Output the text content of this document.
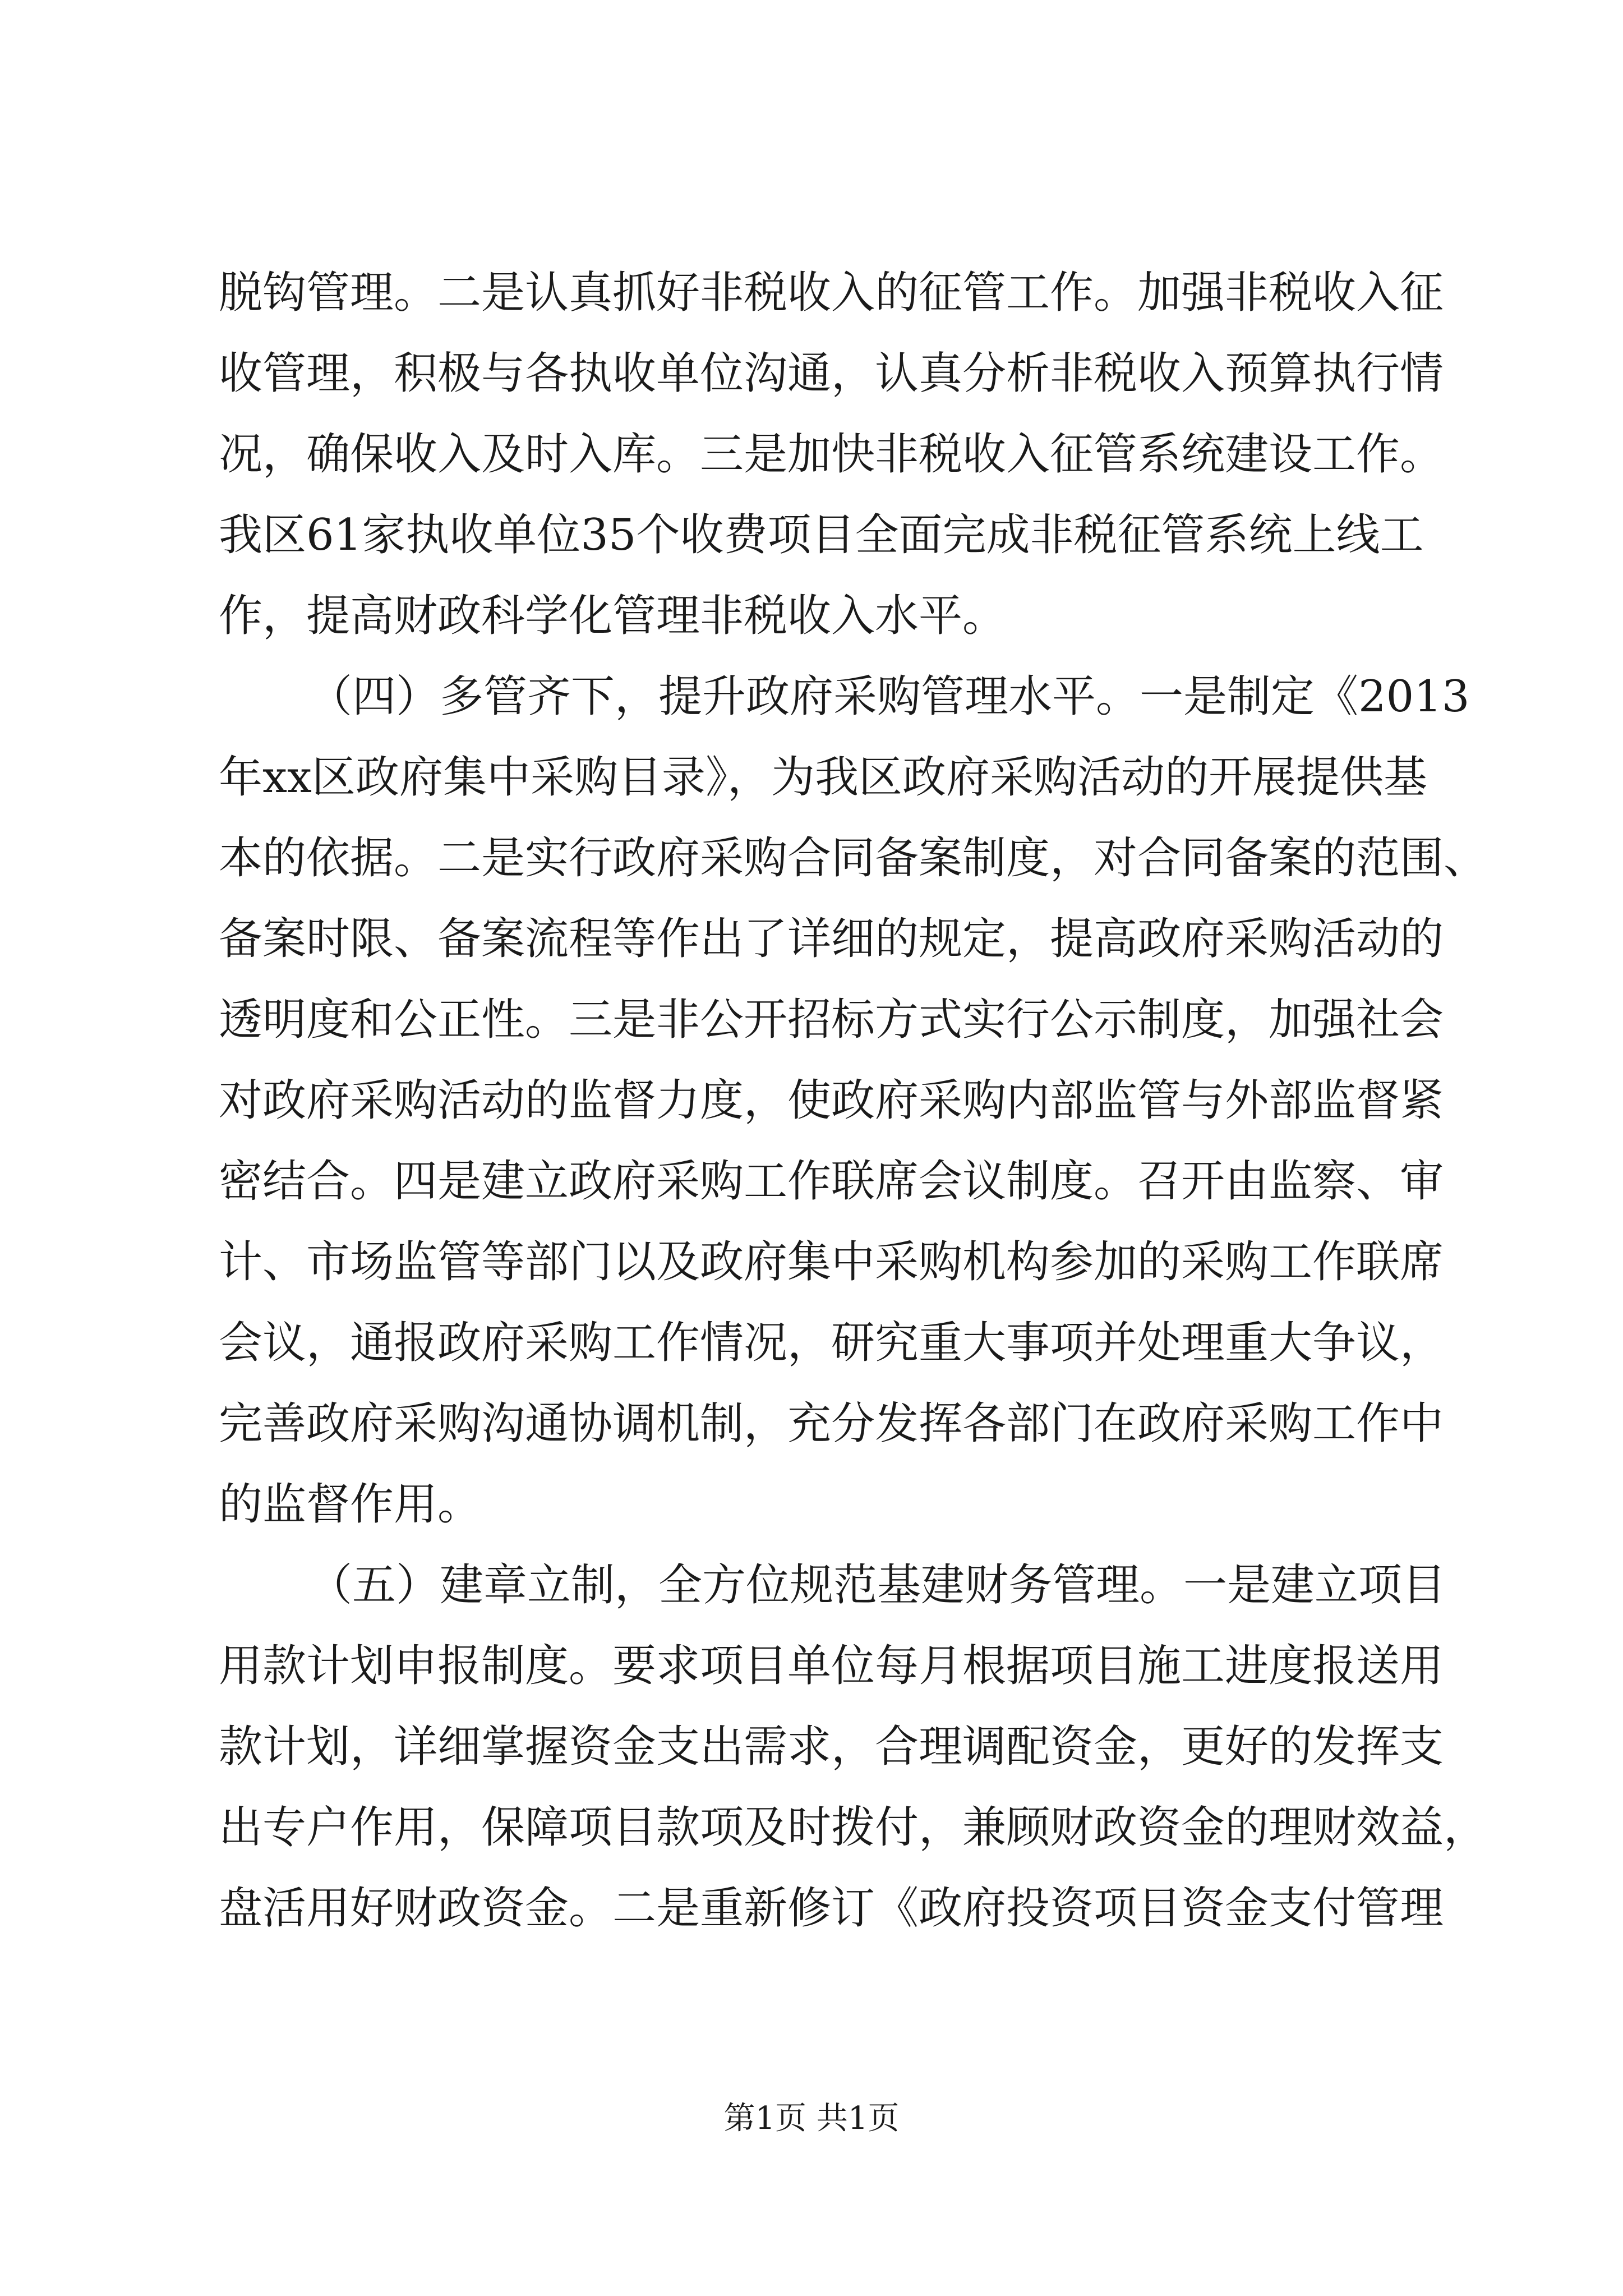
脱钩管理。二是认真抓好非税收入的征管工作。加强非税收入征
收管理，积极与各执收单位沟通，认真分析非税收入预算执行情
况，确保收入及时入库。三是加快非税收入征管系统建设工作。
我区61家执收单位35个收费项目全面完成非税征管系统上线工
作，提高财政科学化管理非税收入水平。
（四）多管齐下，提升政府采购管理水平。一是制定《2013
年xx区政府集中采购目录》，为我区政府采购活动的开展提供基
本的依据。二是实行政府采购合同备案制度，对合同备案的范围、
备案时限、备案流程等作出了详细的规定，提高政府采购活动的
透明度和公正性。三是非公开招标方式实行公示制度，加强社会
对政府采购活动的监督力度，使政府采购内部监管与外部监督紧
密结合。四是建立政府采购工作联席会议制度。召开由监察、审
计、市场监管等部门以及政府集中采购机构参加的采购工作联席
会议，通报政府采购工作情况，研究重大事项并处理重大争议，
完善政府采购沟通协调机制，充分发挥各部门在政府采购工作中
的监督作用。
（五）建章立制，全方位规范基建财务管理。一是建立项目
用款计划申报制度。要求项目单位每月根据项目施工进度报送用
款计划，详细掌握资金支出需求，合理调配资金，更好的发挥支
出专户作用，保障项目款项及时拨付，兼顾财政资金的理财效益，
盘活用好财政资金。二是重新修订《政府投资项目资金支付管理
第1页 共1页
